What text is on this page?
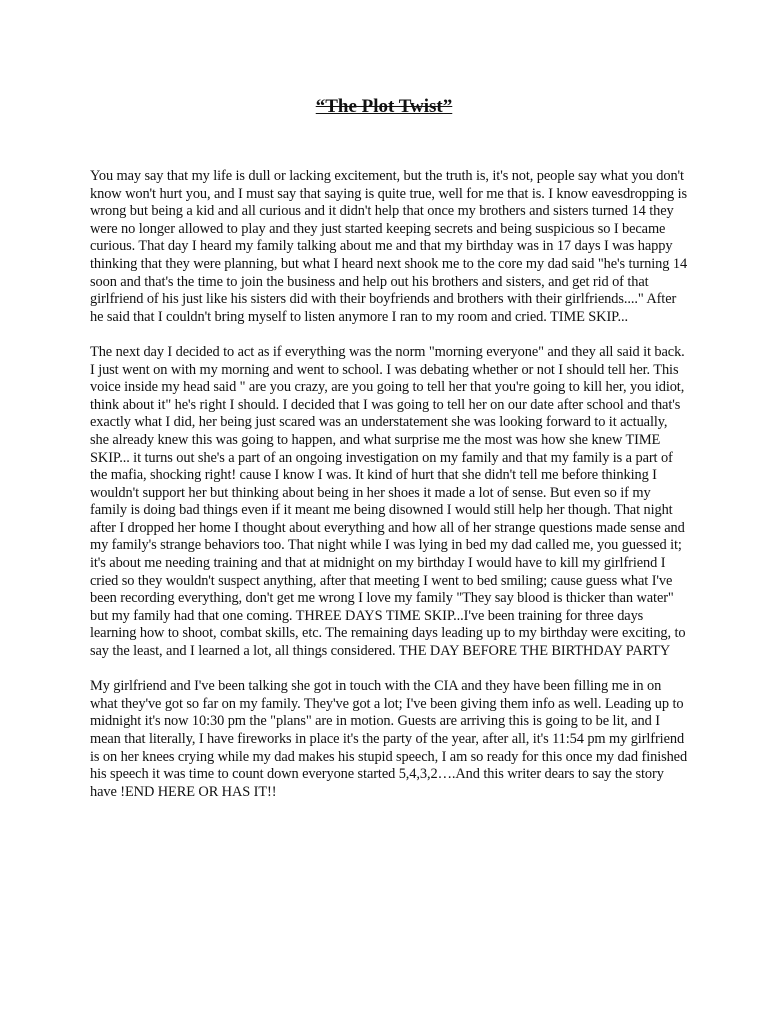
“The Plot Twist”

You may say that my life is dull or lacking excitement, but the truth is, it's not, people say what you don't know won't hurt you, and I must say that saying is quite true, well for me that is. I know eavesdropping is wrong but being a kid and all curious and it didn't help that once my brothers and sisters turned 14 they were no longer allowed to play and they just started keeping secrets and being suspicious so I became curious. That day I heard my family talking about me and that my birthday was in 17 days I was happy thinking that they were planning, but what I heard next shook me to the core my dad said "he's turning 14 soon and that's the time to join the business and help out his brothers and sisters, and get rid of that girlfriend of his just like his sisters did with their boyfriends and brothers with their girlfriends...." After he said that I couldn't bring myself to listen anymore I ran to my room and cried. TIME SKIP...

The next day I decided to act as if everything was the norm "morning everyone" and they all said it back. I just went on with my morning and went to school. I was debating whether or not I should tell her. This voice inside my head said " are you crazy, are you going to tell her that you're going to kill her, you idiot, think about it" he's right I should. I decided that I was going to tell her on our date after school and that's exactly what I did, her being just scared was an understatement she was looking forward to it actually, she already knew this was going to happen, and what surprise me the most was how she knew TIME SKIP... it turns out she's a part of an ongoing investigation on my family and that my family is a part of the mafia, shocking right! cause I know I was. It kind of hurt that she didn't tell me before thinking I wouldn't support her but thinking about being in her shoes it made a lot of sense. But even so if my family is doing bad things even if it meant me being disowned I would still help her though. That night after I dropped her home I thought about everything and how all of her strange questions made sense and my family's strange behaviors too. That night while I was lying in bed my dad called me, you guessed it; it's about me needing training and that at midnight on my birthday I would have to kill my girlfriend I cried so they wouldn't suspect anything, after that meeting I went to bed smiling; cause guess what I've been recording everything, don't get me wrong I love my family "They say blood is thicker than water" but my family had that one coming. THREE DAYS TIME SKIP...I've been training for three days learning how to shoot, combat skills, etc. The remaining days leading up to my birthday were exciting, to say the least, and I learned a lot, all things considered. THE DAY BEFORE THE BIRTHDAY PARTY

My girlfriend and I've been talking she got in touch with the CIA and they have been filling me in on what they've got so far on my family. They've got a lot; I've been giving them info as well. Leading up to midnight it's now 10:30 pm the "plans" are in motion. Guests are arriving this is going to be lit, and I mean that literally, I have fireworks in place it's the party of the year, after all, it's 11:54 pm my girlfriend is on her knees crying while my dad makes his stupid speech, I am so ready for this once my dad finished his speech it was time to count down everyone started 5,4,3,2….And this writer dears to say the story have !END HERE OR HAS IT!!
